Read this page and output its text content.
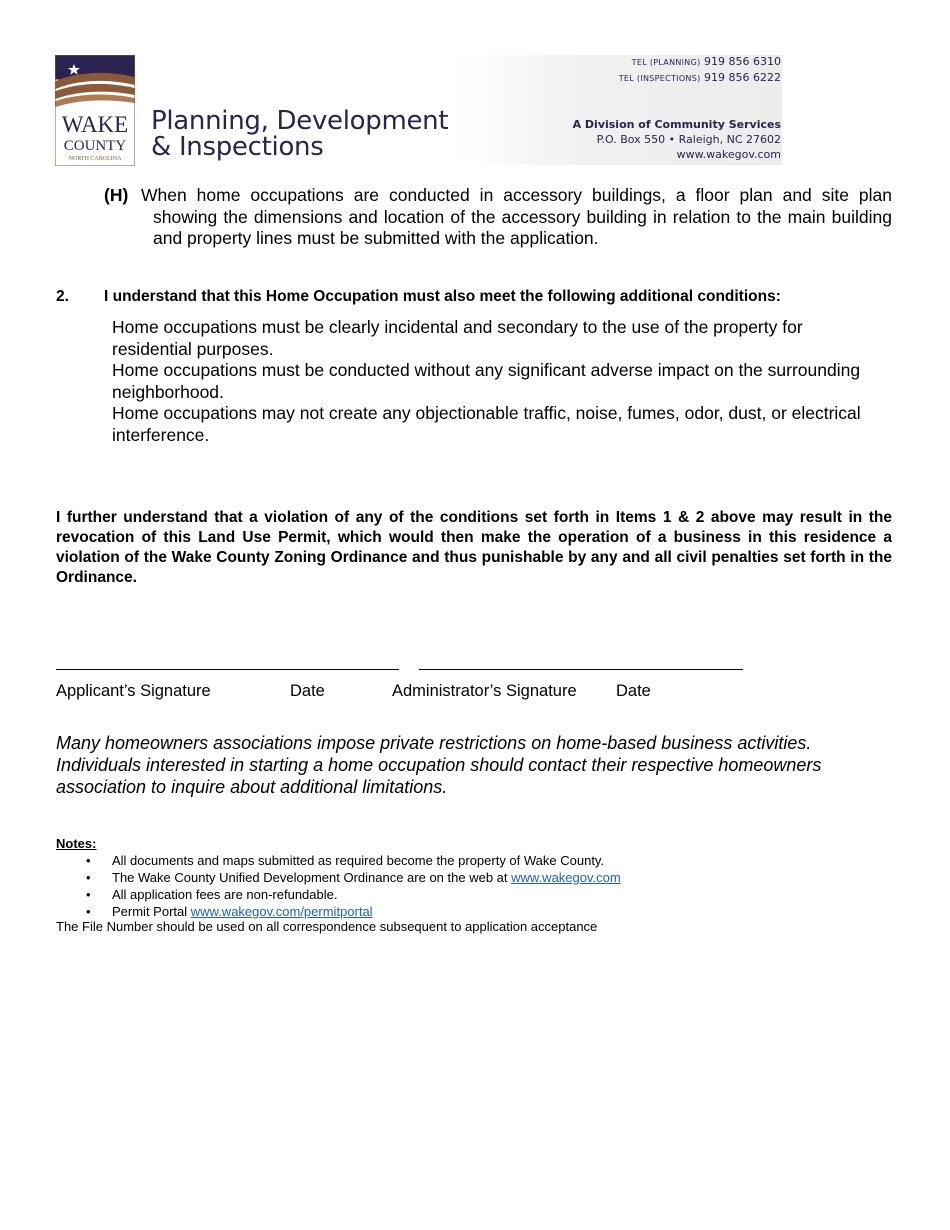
WAKE
COUNTY
NORTH CAROLINA
Planning, Development
& Inspections
TEL (PLANNING) 919 856 6310
TEL (INSPECTIONS) 919 856 6222
A Division of Community Services
P.O. Box 550 • Raleigh, NC 27602
www.wakegov.com
(H) When home occupations are conducted in accessory buildings, a floor plan and site plan showing the dimensions and location of the accessory building in relation to the main building and property lines must be submitted with the application.
2. I understand that this Home Occupation must also meet the following additional conditions:
Home occupations must be clearly incidental and secondary to the use of the property for residential purposes.
Home occupations must be conducted without any significant adverse impact on the surrounding neighborhood.
Home occupations may not create any objectionable traffic, noise, fumes, odor, dust, or electrical interference.
I further understand that a violation of any of the conditions set forth in Items 1 & 2 above may result in the revocation of this Land Use Permit, which would then make the operation of a business in this residence a violation of the Wake County Zoning Ordinance and thus punishable by any and all civil penalties set forth in the Ordinance.
Applicant’s Signature	Date	Administrator’s Signature Date
Many homeowners associations impose private restrictions on home-based business activities. Individuals interested in starting a home occupation should contact their respective homeowners association to inquire about additional limitations.
Notes:
• All documents and maps submitted as required become the property of Wake County.
• The Wake County Unified Development Ordinance are on the web at www.wakegov.com
• All application fees are non-refundable.
• Permit Portal www.wakegov.com/permitportal
The File Number should be used on all correspondence subsequent to application acceptance
